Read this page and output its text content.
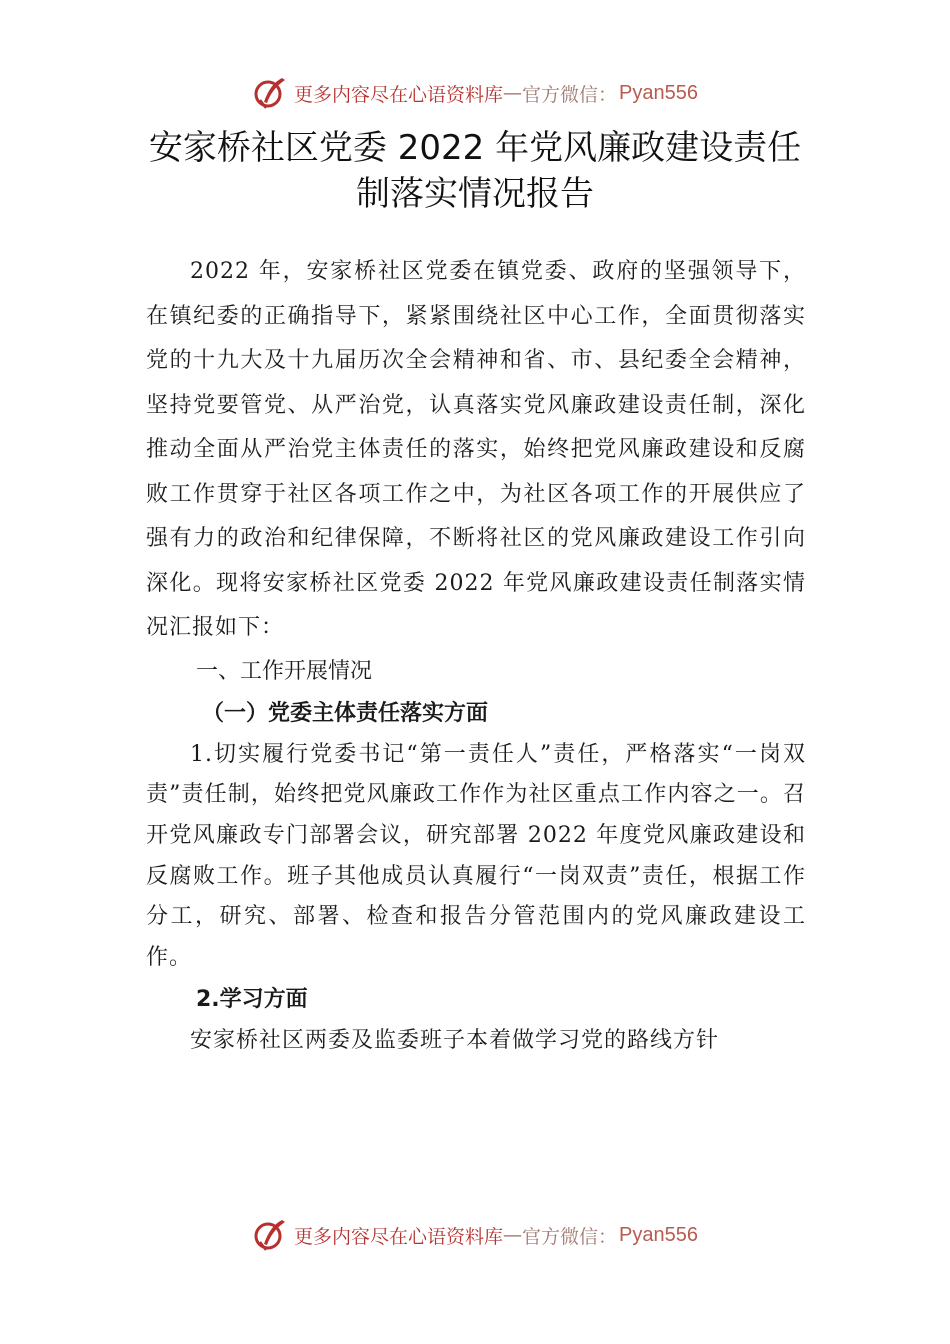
更多内容尽在心语资料库 — 官方微信： Pyan556
安家桥社区党委 2022 年党风廉政建设责任
制落实情况报告

2022 年，安家桥社区党委在镇党委、政府的坚强领导下，在镇纪委的正确指导下，紧紧围绕社区中心工作，全面贯彻落实党的十九大及十九届历次全会精神和省、市、县纪委全会精神，坚持党要管党、从严治党，认真落实党风廉政建设责任制，深化推动全面从严治党主体责任的落实，始终把党风廉政建设和反腐败工作贯穿于社区各项工作之中，为社区各项工作的开展供应了强有力的政治和纪律保障，不断将社区的党风廉政建设工作引向深化。现将安家桥社区党委 2022 年党风廉政建设责任制落实情况汇报如下：

一、工作开展情况

（一）党委主体责任落实方面

1.切实履行党委书记“第一责任人”责任，严格落实“一岗双责”责任制，始终把党风廉政工作作为社区重点工作内容之一。召开党风廉政专门部署会议，研究部署 2022 年度党风廉政建设和反腐败工作。班子其他成员认真履行“一岗双责”责任，根据工作分工，研究、部署、检查和报告分管范围内的党风廉政建设工作。

2.学习方面

安家桥社区两委及监委班子本着做学习党的路线方针

更多内容尽在心语资料库 — 官方微信： Pyan556
